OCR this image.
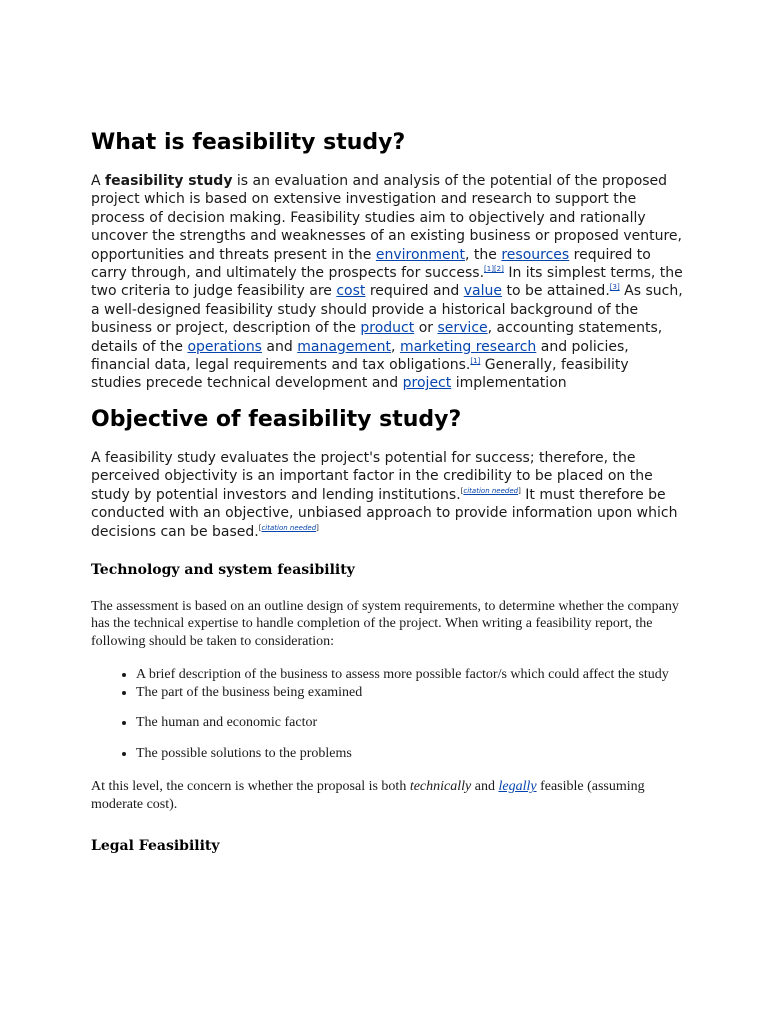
What is feasibility study?

A feasibility study is an evaluation and analysis of the potential of the proposed project which is based on extensive investigation and research to support the process of decision making. Feasibility studies aim to objectively and rationally uncover the strengths and weaknesses of an existing business or proposed venture, opportunities and threats present in the environment, the resources required to carry through, and ultimately the prospects for success.[1][2] In its simplest terms, the two criteria to judge feasibility are cost required and value to be attained.[3] As such, a well-designed feasibility study should provide a historical background of the business or project, description of the product or service, accounting statements, details of the operations and management, marketing research and policies, financial data, legal requirements and tax obligations.[1] Generally, feasibility studies precede technical development and project implementation

Objective of feasibility study?

A feasibility study evaluates the project's potential for success; therefore, the perceived objectivity is an important factor in the credibility to be placed on the study by potential investors and lending institutions.[citation needed] It must therefore be conducted with an objective, unbiased approach to provide information upon which decisions can be based.[citation needed]

Technology and system feasibility

The assessment is based on an outline design of system requirements, to determine whether the company has the technical expertise to handle completion of the project. When writing a feasibility report, the following should be taken to consideration:

• A brief description of the business to assess more possible factor/s which could affect the study
• The part of the business being examined
• The human and economic factor
• The possible solutions to the problems

At this level, the concern is whether the proposal is both technically and legally feasible (assuming moderate cost).

Legal Feasibility
